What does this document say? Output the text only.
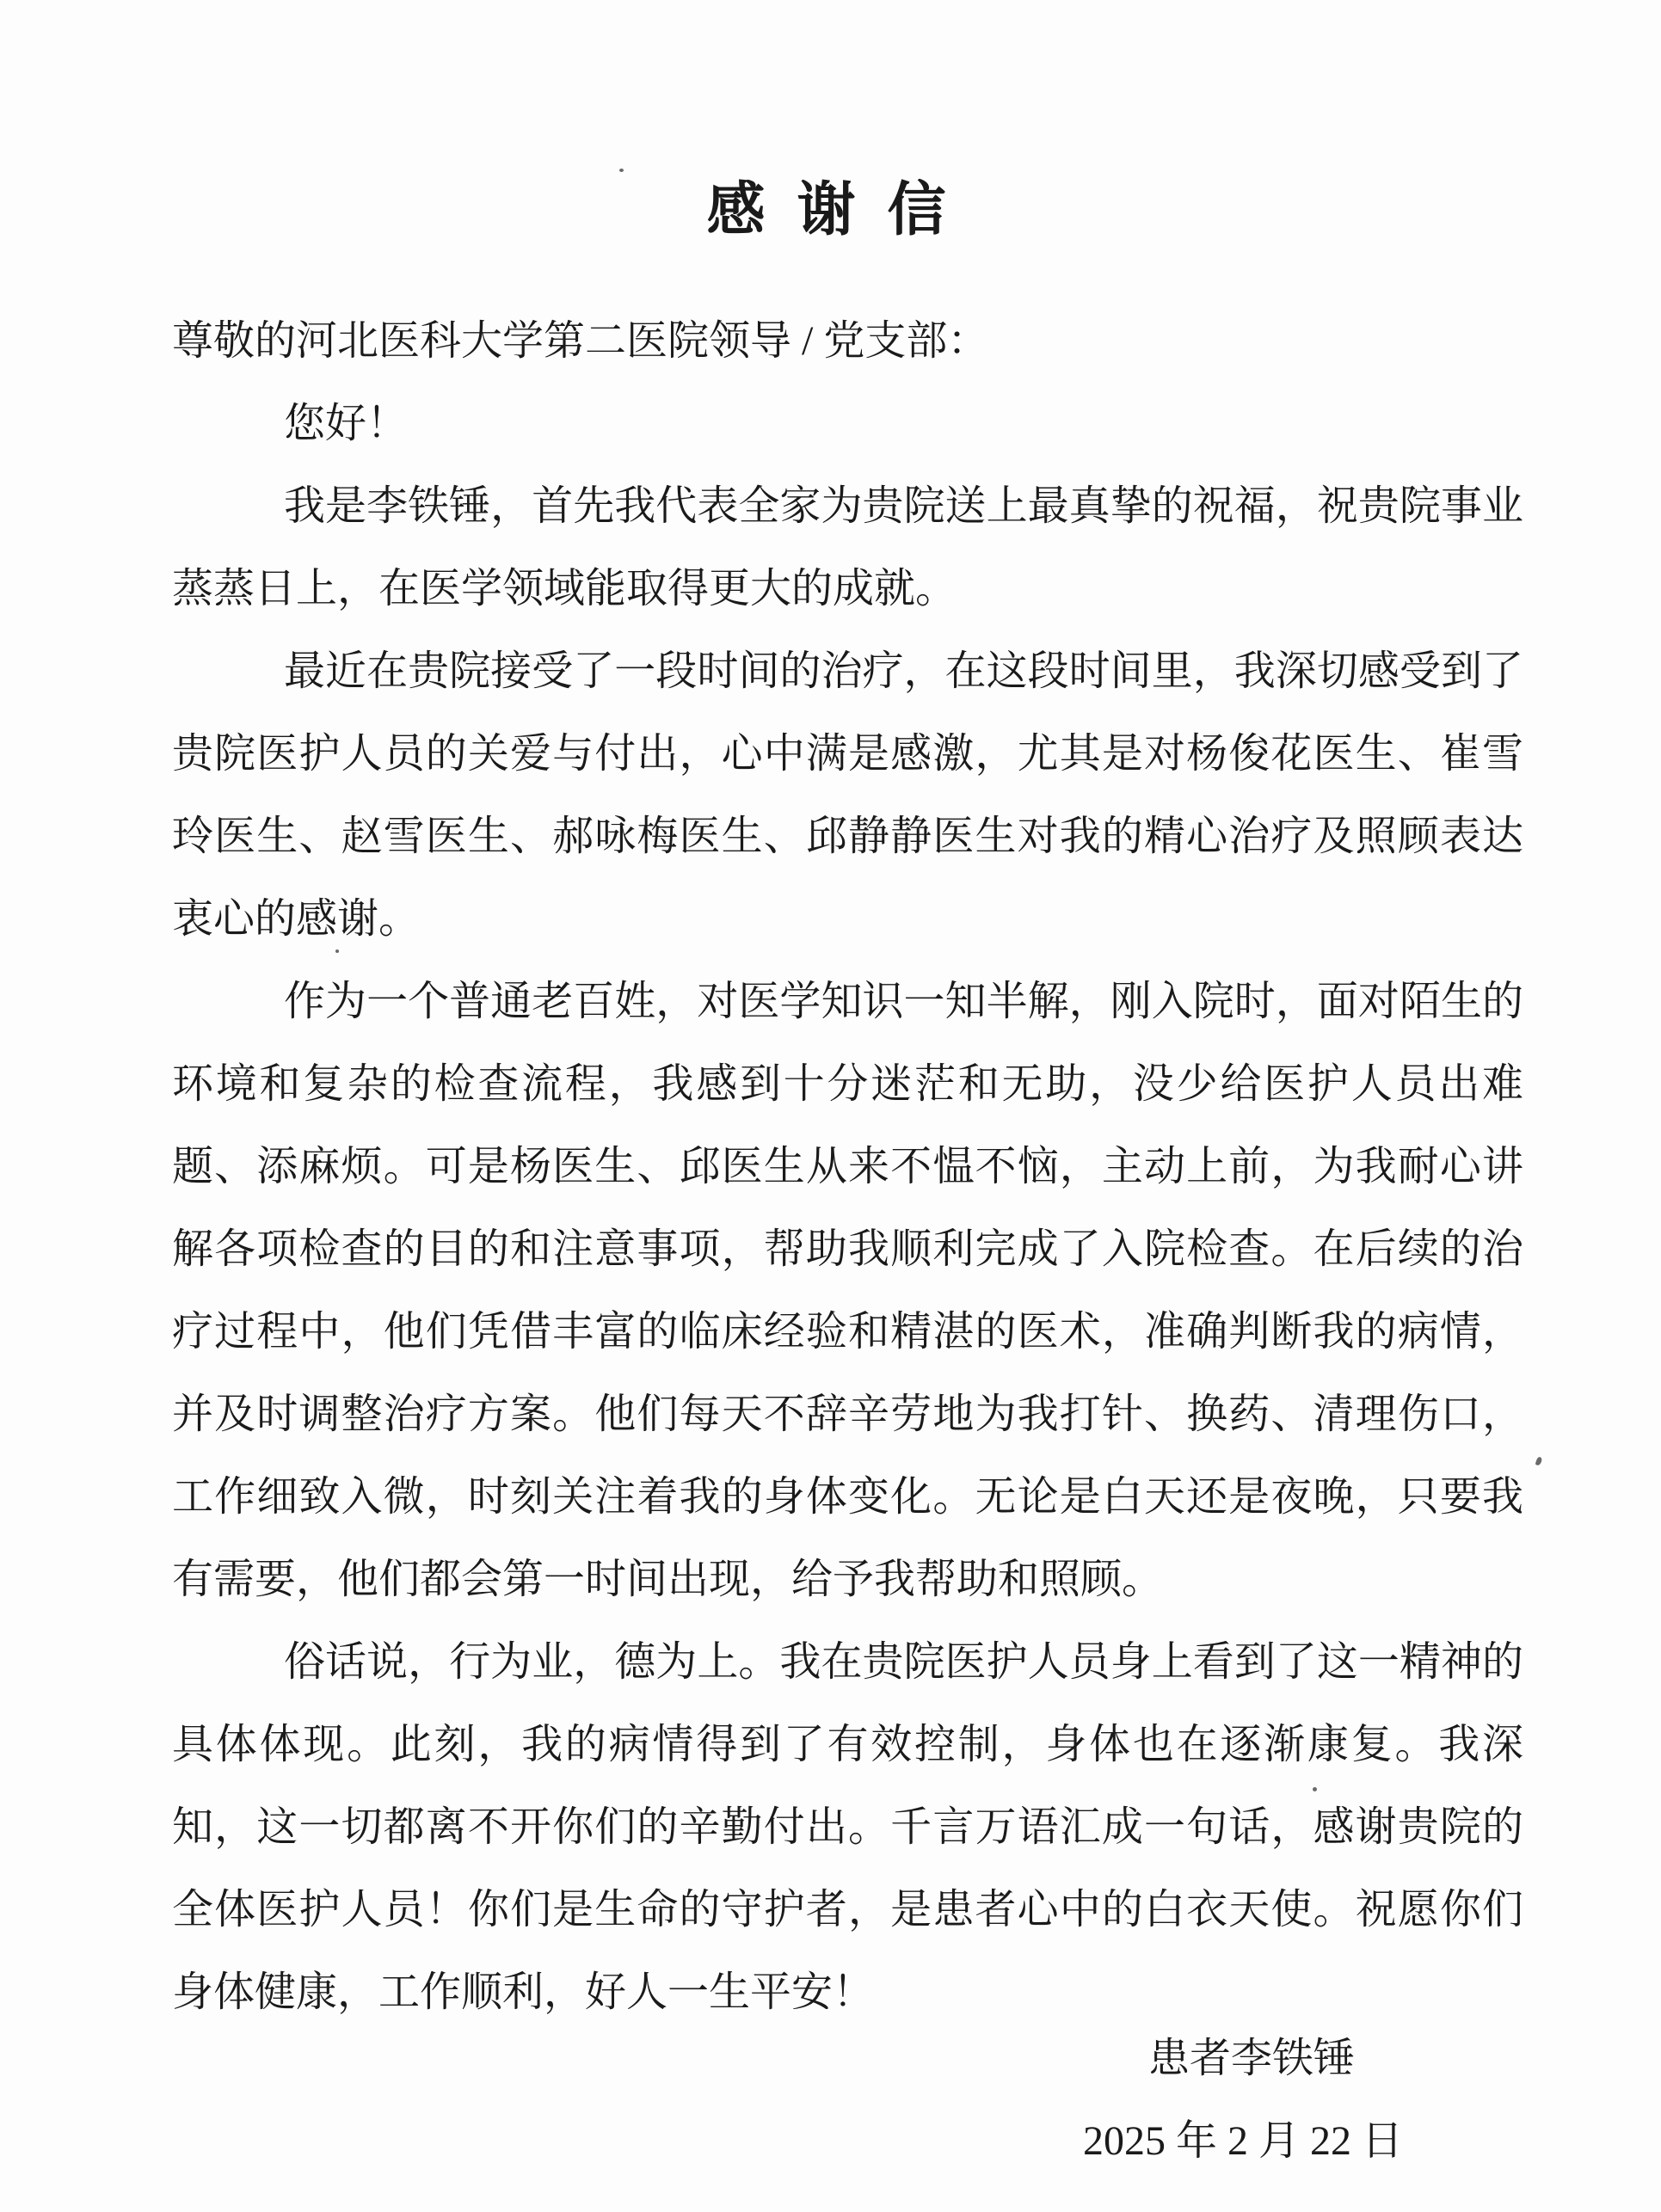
感 谢 信

尊敬的河北医科大学第二医院领导 / 党支部：

您好！

我是李铁锤，首先我代表全家为贵院送上最真挚的祝福，祝贵院事业蒸蒸日上，在医学领域能取得更大的成就。

最近在贵院接受了一段时间的治疗，在这段时间里，我深切感受到了贵院医护人员的关爱与付出，心中满是感激，尤其是对杨俊花医生、崔雪玲医生、赵雪医生、郝咏梅医生、邱静静医生对我的精心治疗及照顾表达衷心的感谢。

作为一个普通老百姓，对医学知识一知半解，刚入院时，面对陌生的环境和复杂的检查流程，我感到十分迷茫和无助，没少给医护人员出难题、添麻烦。可是杨医生、邱医生从来不愠不恼，主动上前，为我耐心讲解各项检查的目的和注意事项，帮助我顺利完成了入院检查。在后续的治疗过程中，他们凭借丰富的临床经验和精湛的医术，准确判断我的病情，并及时调整治疗方案。他们每天不辞辛劳地为我打针、换药、清理伤口，工作细致入微，时刻关注着我的身体变化。无论是白天还是夜晚，只要我有需要，他们都会第一时间出现，给予我帮助和照顾。

俗话说，行为业，德为上。我在贵院医护人员身上看到了这一精神的具体体现。此刻，我的病情得到了有效控制，身体也在逐渐康复。我深知，这一切都离不开你们的辛勤付出。千言万语汇成一句话，感谢贵院的全体医护人员！你们是生命的守护者，是患者心中的白衣天使。祝愿你们身体健康，工作顺利，好人一生平安！

患者李铁锤

2025 年 2 月 22 日
